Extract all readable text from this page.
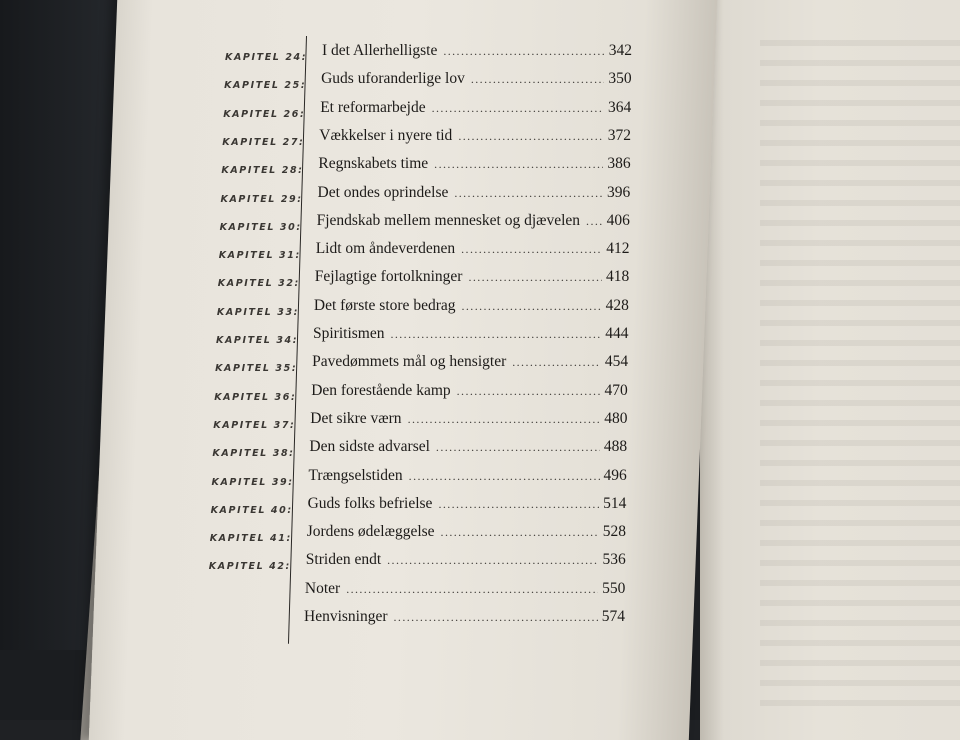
KAPITEL 24: I det Allerhelligste .....	342
KAPITEL 25: Guds uforanderlige lov .....	350
KAPITEL 26: Et reformarbejde .....	364
KAPITEL 27: Vækkelser i nyere tid .....	372
KAPITEL 28: Regnskabets time .....	386
KAPITEL 29: Det ondes oprindelse .....	396
KAPITEL 30: Fjendskab mellem mennesket og djævelen .....	406
KAPITEL 31: Lidt om åndeverdenen .....	412
KAPITEL 32: Fejlagtige fortolkninger .....	418
KAPITEL 33: Det første store bedrag .....	428
KAPITEL 34: Spiritismen .....	444
KAPITEL 35: Pavedømmets mål og hensigter .....	454
KAPITEL 36: Den forestående kamp .....	470
KAPITEL 37: Det sikre værn .....	480
KAPITEL 38: Den sidste advarsel .....	488
KAPITEL 39: Trængselstiden .....	496
KAPITEL 40: Guds folks befrielse .....	514
KAPITEL 41: Jordens ødelæggelse .....	528
KAPITEL 42: Striden endt .....	536
Noter .....	550
Henvisninger .....	574
